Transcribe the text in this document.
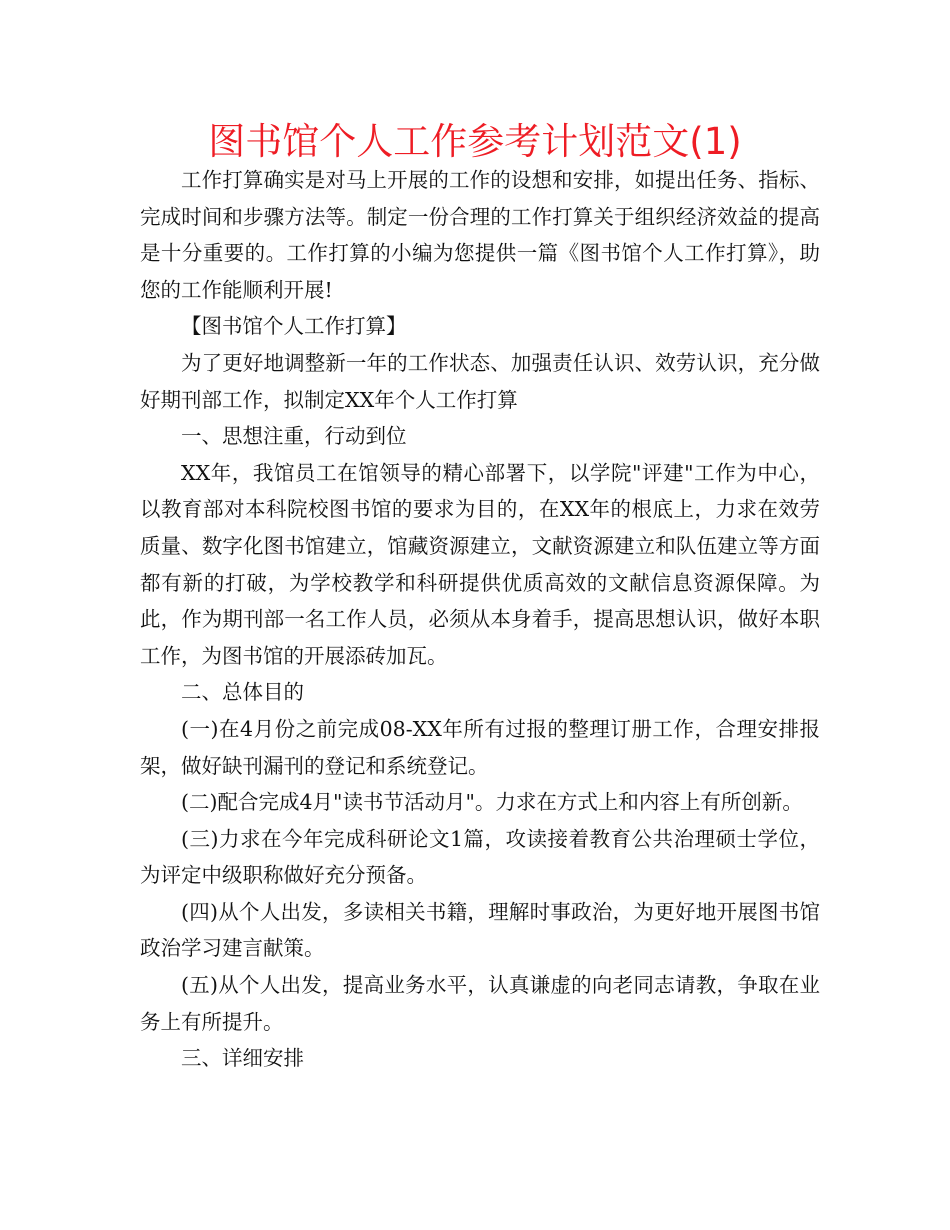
图书馆个人工作参考计划范文(1)

工作打算确实是对马上开展的工作的设想和安排，如提出任务、指标、完成时间和步骤方法等。制定一份合理的工作打算关于组织经济效益的提高是十分重要的。工作打算的小编为您提供一篇《图书馆个人工作打算》，助您的工作能顺利开展!

【图书馆个人工作打算】

为了更好地调整新一年的工作状态、加强责任认识、效劳认识，充分做好期刊部工作，拟制定XX年个人工作打算

一、思想注重，行动到位

XX年，我馆员工在馆领导的精心部署下，以学院"评建"工作为中心，以教育部对本科院校图书馆的要求为目的，在XX年的根底上，力求在效劳质量、数字化图书馆建立，馆藏资源建立，文献资源建立和队伍建立等方面都有新的打破，为学校教学和科研提供优质高效的文献信息资源保障。为此，作为期刊部一名工作人员，必须从本身着手，提高思想认识，做好本职工作，为图书馆的开展添砖加瓦。

二、总体目的

(一)在4月份之前完成08-XX年所有过报的整理订册工作，合理安排报架，做好缺刊漏刊的登记和系统登记。

(二)配合完成4月"读书节活动月"。力求在方式上和内容上有所创新。

(三)力求在今年完成科研论文1篇，攻读接着教育公共治理硕士学位，为评定中级职称做好充分预备。

(四)从个人出发，多读相关书籍，理解时事政治，为更好地开展图书馆政治学习建言献策。

(五)从个人出发，提高业务水平，认真谦虚的向老同志请教，争取在业务上有所提升。

三、详细安排
